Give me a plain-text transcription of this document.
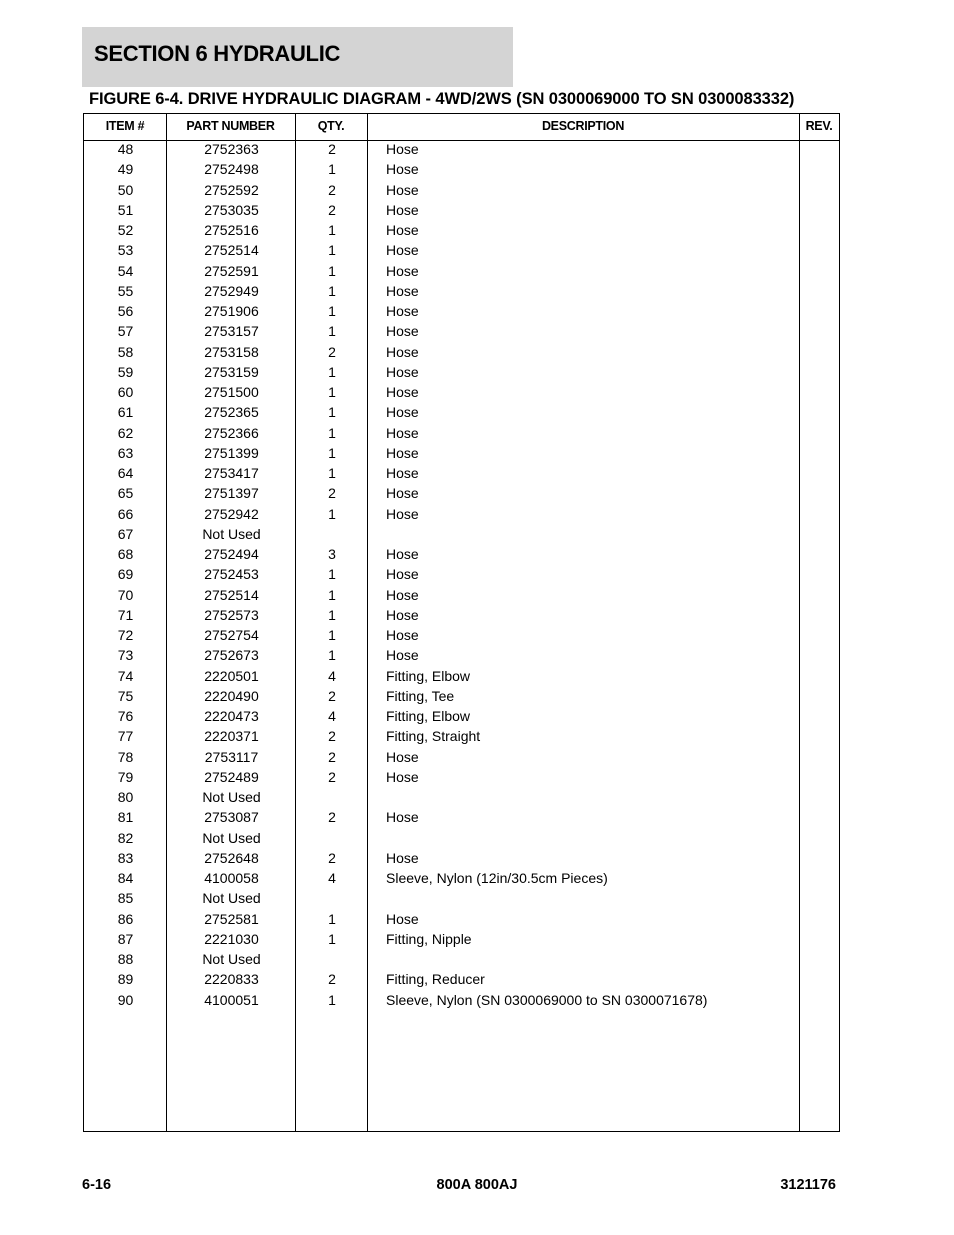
SECTION 6 HYDRAULIC
FIGURE 6-4. DRIVE HYDRAULIC DIAGRAM - 4WD/2WS (SN 0300069000 TO SN 0300083332)
ITEM #	PART NUMBER	QTY.	DESCRIPTION	REV.
48	2752363	2	Hose
49	2752498	1	Hose
50	2752592	2	Hose
51	2753035	2	Hose
52	2752516	1	Hose
53	2752514	1	Hose
54	2752591	1	Hose
55	2752949	1	Hose
56	2751906	1	Hose
57	2753157	1	Hose
58	2753158	2	Hose
59	2753159	1	Hose
60	2751500	1	Hose
61	2752365	1	Hose
62	2752366	1	Hose
63	2751399	1	Hose
64	2753417	1	Hose
65	2751397	2	Hose
66	2752942	1	Hose
67	Not Used
68	2752494	3	Hose
69	2752453	1	Hose
70	2752514	1	Hose
71	2752573	1	Hose
72	2752754	1	Hose
73	2752673	1	Hose
74	2220501	4	Fitting, Elbow
75	2220490	2	Fitting, Tee
76	2220473	4	Fitting, Elbow
77	2220371	2	Fitting, Straight
78	2753117	2	Hose
79	2752489	2	Hose
80	Not Used
81	2753087	2	Hose
82	Not Used
83	2752648	2	Hose
84	4100058	4	Sleeve, Nylon (12in/30.5cm Pieces)
85	Not Used
86	2752581	1	Hose
87	2221030	1	Fitting, Nipple
88	Not Used
89	2220833	2	Fitting, Reducer
90	4100051	1	Sleeve, Nylon (SN 0300069000 to SN 0300071678)
6-16	800A 800AJ	3121176
